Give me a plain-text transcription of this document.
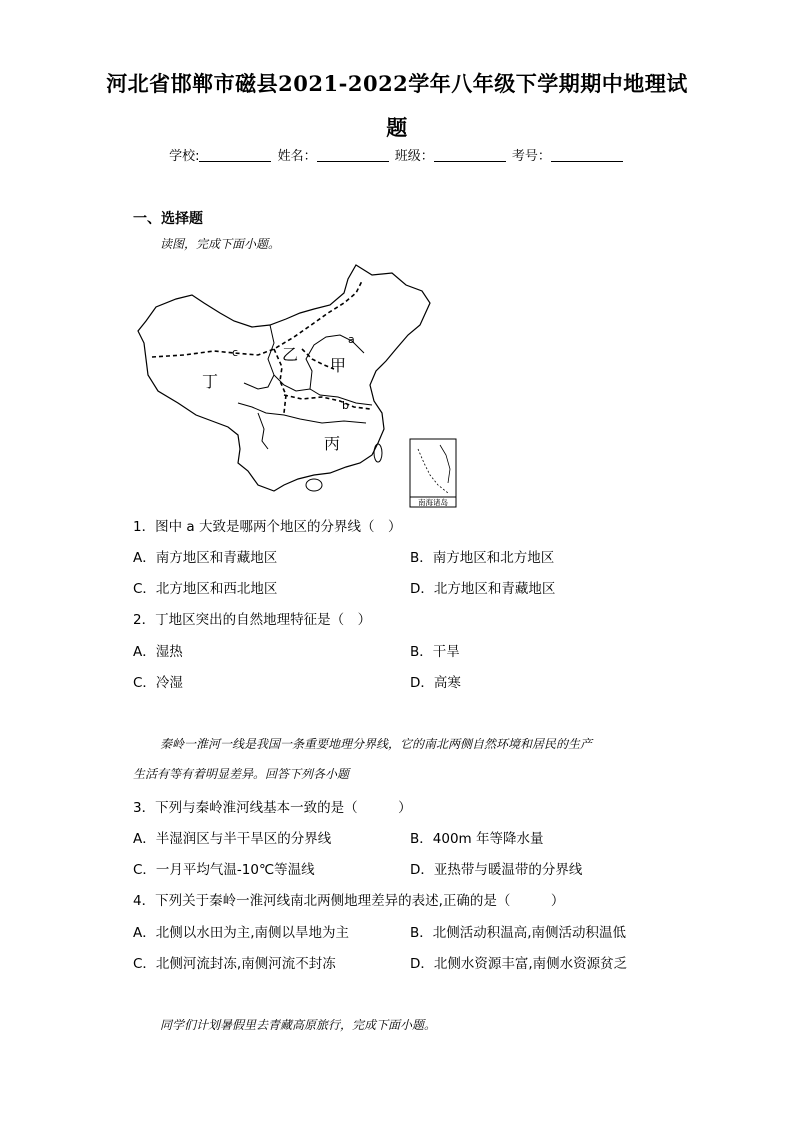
河北省邯郸市磁县2021-2022学年八年级下学期期中地理试
题
学校:	姓名：	班级：	考号：
一、选择题
读图，完成下面小题。
乙
甲
丁
丙
a
b
c
南海诸岛
1．图中 a 大致是哪两个地区的分界线（　）
A．南方地区和青藏地区	B．南方地区和北方地区
C．北方地区和西北地区	D．北方地区和青藏地区
2．丁地区突出的自然地理特征是（　）
A．湿热	B．干旱
C．冷湿	D．高寒
秦岭一淮河一线是我国一条重要地理分界线，它的南北两侧自然环境和居民的生产
生活有等有着明显差异。回答下列各小题
3．下列与秦岭淮河线基本一致的是（　　　）
A．半湿润区与半干旱区的分界线	B．400m 年等降水量
C．一月平均气温-10℃等温线	D．亚热带与暖温带的分界线
4．下列关于秦岭一淮河线南北两侧地理差异的表述,正确的是（　　　）
A．北侧以水田为主,南侧以旱地为主	B．北侧活动积温高,南侧活动积温低
C．北侧河流封冻,南侧河流不封冻	D．北侧水资源丰富,南侧水资源贫乏
同学们计划暑假里去青藏高原旅行，完成下面小题。
